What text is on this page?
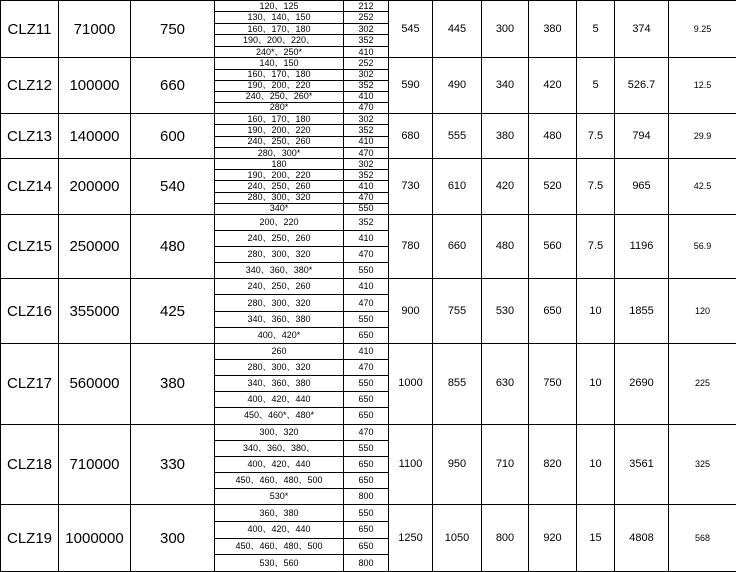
CLZ11	71000	750	120、125	212	545	445	300	380	5	374	9.25
			130、140、150	252							
			160、170、180	302							
			190、200、220、	352							
			240*、250*	410							
CLZ12	100000	660	140、150	252	590	490	340	420	5	526.7	12.5
			160、170、180	302							
			190、200、220	352							
			240、250、260*	410							
			280*	470							
CLZ13	140000	600	160、170、180	302	680	555	380	480	7.5	794	29.9
			190、200、220	352							
			240、250、260	410							
			280、300*	470							
CLZ14	200000	540	180	302	730	610	420	520	7.5	965	42.5
			190、200、220	352							
			240、250、260	410							
			280、300、320	470							
			340*	550							
CLZ15	250000	480	200、220	352	780	660	480	560	7.5	1196	56.9
			240、250、260	410							
			280、300、320	470							
			340、360、380*	550							
CLZ16	355000	425	240、250、260	410	900	755	530	650	10	1855	120
			280、300、320	470							
			340、360、380	550							
			400、420*	650							
CLZ17	560000	380	260	410	1000	855	630	750	10	2690	225
			280、300、320	470							
			340、360、380	550							
			400、420、440	650							
			450、460*、480*	650							
CLZ18	710000	330	300、320	470	1100	950	710	820	10	3561	325
			340、360、380、	550							
			400、420、440	650							
			450、460、480、500	650							
			530*	800							
CLZ19	1000000	300	360、380	550	1250	1050	800	920	15	4808	568
			400、420、440	650							
			450、460、480、500	650							
			530、560	800							
